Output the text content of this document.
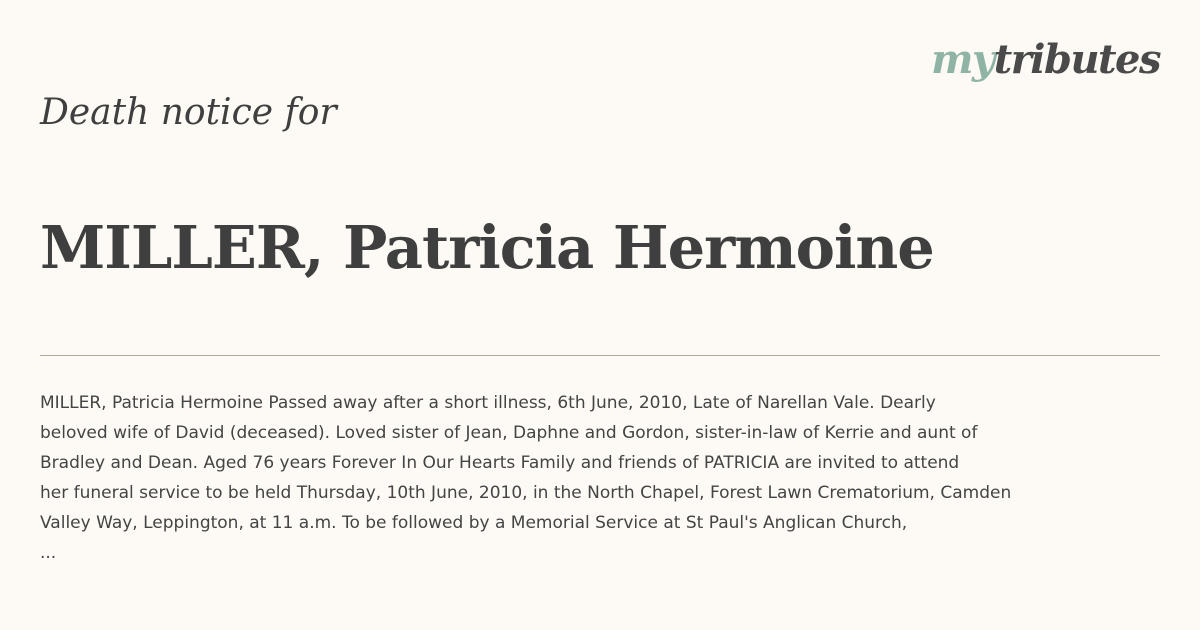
mytributes
Death notice for
MILLER, Patricia Hermoine
MILLER, Patricia Hermoine Passed away after a short illness, 6th June, 2010, Late of Narellan Vale. Dearly
beloved wife of David (deceased). Loved sister of Jean, Daphne and Gordon, sister-in-law of Kerrie and aunt of
Bradley and Dean. Aged 76 years Forever In Our Hearts Family and friends of PATRICIA are invited to attend
her funeral service to be held Thursday, 10th June, 2010, in the North Chapel, Forest Lawn Crematorium, Camden
Valley Way, Leppington, at 11 a.m. To be followed by a Memorial Service at St Paul's Anglican Church,
...
